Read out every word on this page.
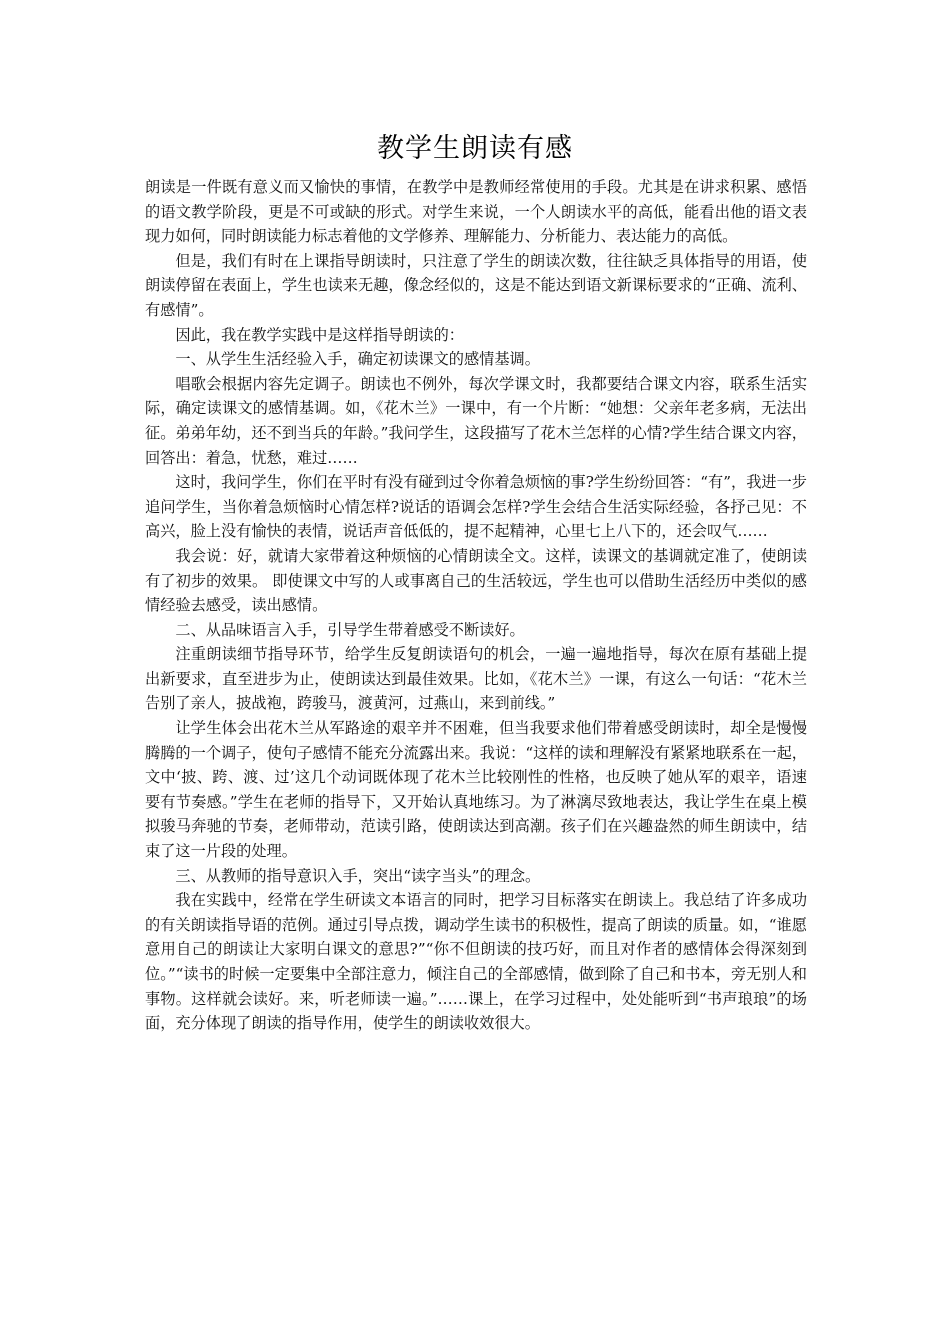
教学生朗读有感

朗读是一件既有意义而又愉快的事情，在教学中是教师经常使用的手段。尤其是在讲求积累、感悟的语文教学阶段，更是不可或缺的形式。对学生来说，一个人朗读水平的高低，能看出他的语文表现力如何，同时朗读能力标志着他的文学修养、理解能力、分析能力、表达能力的高低。

但是，我们有时在上课指导朗读时，只注意了学生的朗读次数，往往缺乏具体指导的用语，使朗读停留在表面上，学生也读来无趣，像念经似的，这是不能达到语文新课标要求的“正确、流利、有感情”。

因此，我在教学实践中是这样指导朗读的：

一、从学生生活经验入手，确定初读课文的感情基调。

唱歌会根据内容先定调子。朗读也不例外，每次学课文时，我都要结合课文内容，联系生活实际，确定读课文的感情基调。如，《花木兰》一课中，有一个片断：“她想：父亲年老多病，无法出征。弟弟年幼，还不到当兵的年龄。”我问学生，这段描写了花木兰怎样的心情?学生结合课文内容，回答出：着急，忧愁，难过……

这时，我问学生，你们在平时有没有碰到过令你着急烦恼的事?学生纷纷回答：“有”，我进一步追问学生，当你着急烦恼时心情怎样?说话的语调会怎样?学生会结合生活实际经验，各抒己见：不高兴，脸上没有愉快的表情，说话声音低低的，提不起精神，心里七上八下的，还会叹气……

我会说：好，就请大家带着这种烦恼的心情朗读全文。这样，读课文的基调就定准了，使朗读有了初步的效果。 即使课文中写的人或事离自己的生活较远，学生也可以借助生活经历中类似的感情经验去感受，读出感情。

二、从品味语言入手，引导学生带着感受不断读好。

注重朗读细节指导环节，给学生反复朗读语句的机会，一遍一遍地指导，每次在原有基础上提出新要求，直至进步为止，使朗读达到最佳效果。比如，《花木兰》一课，有这么一句话：“花木兰告别了亲人，披战袍，跨骏马，渡黄河，过燕山，来到前线。”

让学生体会出花木兰从军路途的艰辛并不困难，但当我要求他们带着感受朗读时，却全是慢慢腾腾的一个调子，使句子感情不能充分流露出来。我说：“这样的读和理解没有紧紧地联系在一起，文中‘披、跨、渡、过’这几个动词既体现了花木兰比较刚性的性格，也反映了她从军的艰辛，语速要有节奏感。”学生在老师的指导下，又开始认真地练习。为了淋漓尽致地表达，我让学生在桌上模拟骏马奔驰的节奏，老师带动，范读引路，使朗读达到高潮。孩子们在兴趣盎然的师生朗读中，结束了这一片段的处理。

三、从教师的指导意识入手，突出“读字当头”的理念。

我在实践中，经常在学生研读文本语言的同时，把学习目标落实在朗读上。我总结了许多成功的有关朗读指导语的范例。通过引导点拨，调动学生读书的积极性，提高了朗读的质量。如，“谁愿意用自己的朗读让大家明白课文的意思?”“你不但朗读的技巧好，而且对作者的感情体会得深刻到位。”“读书的时候一定要集中全部注意力，倾注自己的全部感情，做到除了自己和书本，旁无别人和事物。这样就会读好。来，听老师读一遍。”……课上，在学习过程中，处处能听到“书声琅琅”的场面，充分体现了朗读的指导作用，使学生的朗读收效很大。
